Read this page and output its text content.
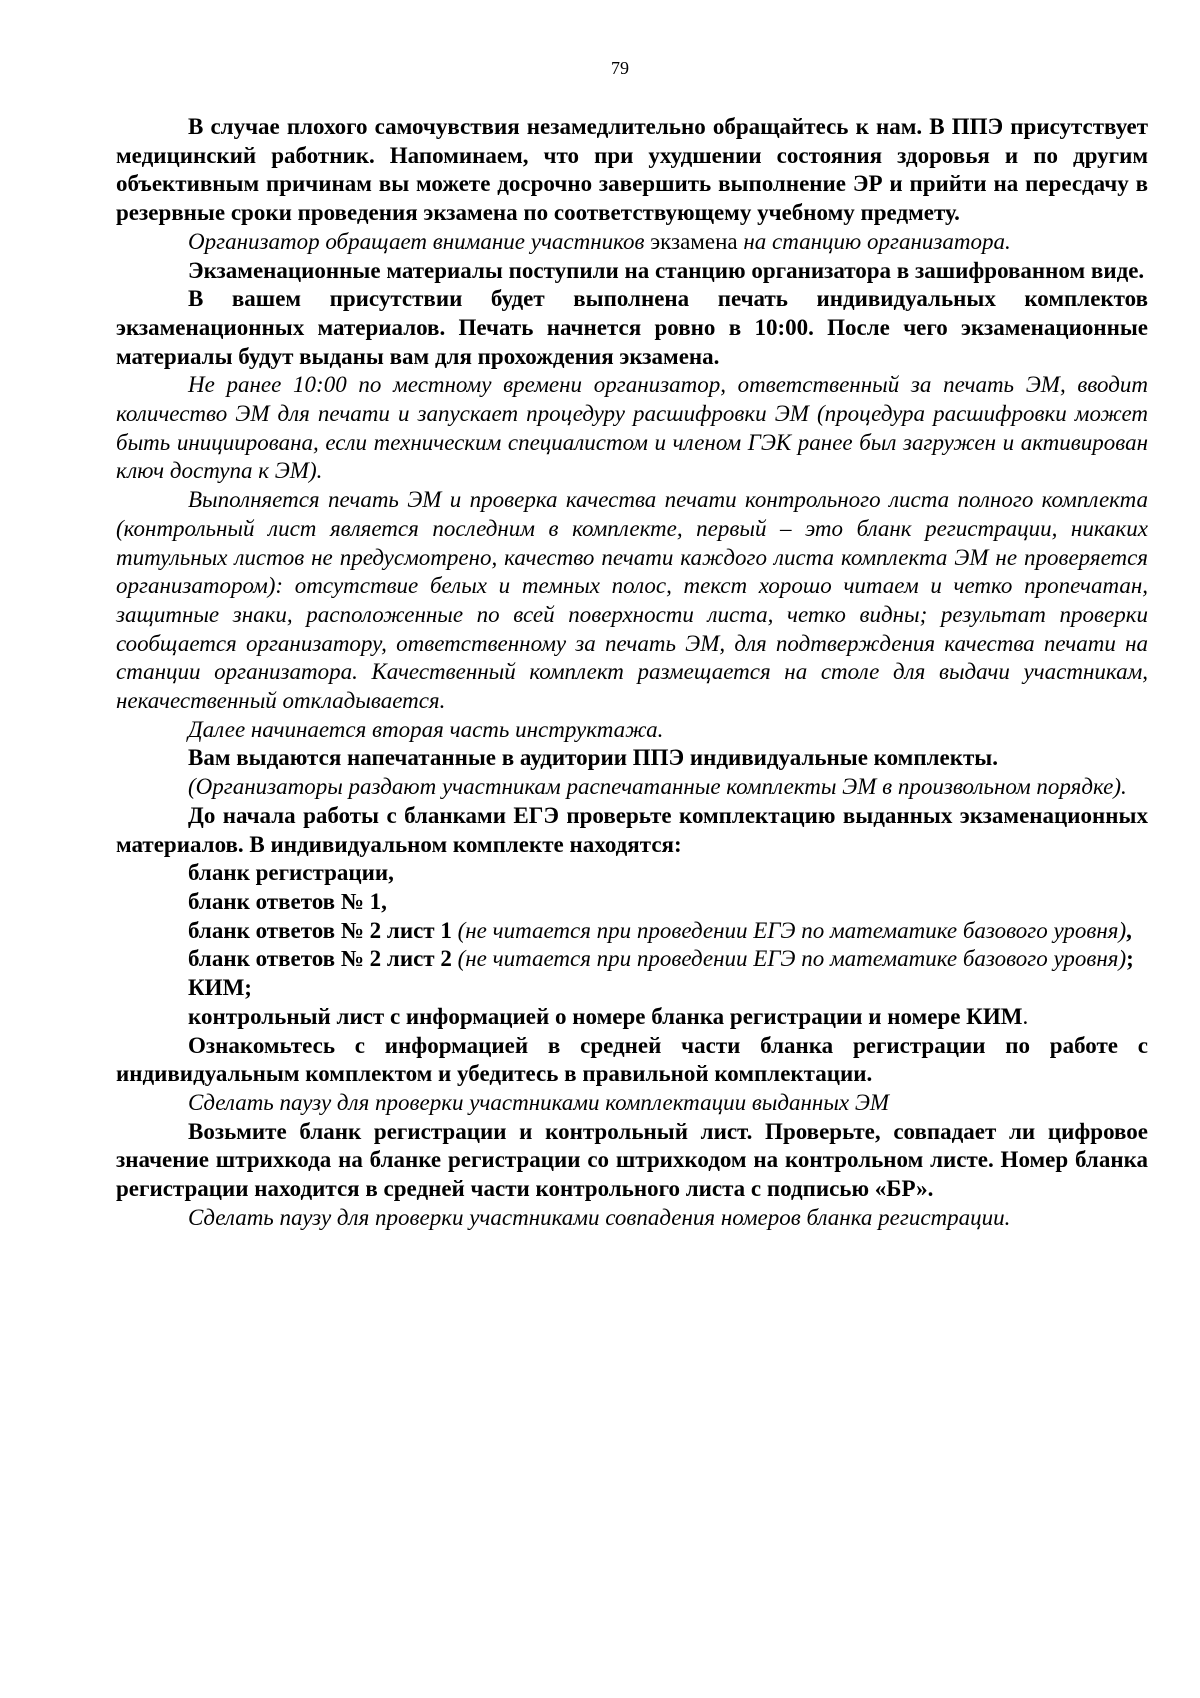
79

В случае плохого самочувствия незамедлительно обращайтесь к нам. В ППЭ присутствует медицинский работник. Напоминаем, что при ухудшении состояния здоровья и по другим объективным причинам вы можете досрочно завершить выполнение ЭР и прийти на пересдачу в резервные сроки проведения экзамена по соответствующему учебному предмету.

Организатор обращает внимание участников экзамена на станцию организатора.

Экзаменационные материалы поступили на станцию организатора в зашифрованном виде.

В вашем присутствии будет выполнена печать индивидуальных комплектов экзаменационных материалов. Печать начнется ровно в 10:00. После чего экзаменационные материалы будут выданы вам для прохождения экзамена.

Не ранее 10:00 по местному времени организатор, ответственный за печать ЭМ, вводит количество ЭМ для печати и запускает процедуру расшифровки ЭМ (процедура расшифровки может быть инициирована, если техническим специалистом и членом ГЭК ранее был загружен и активирован ключ доступа к ЭМ).

Выполняется печать ЭМ и проверка качества печати контрольного листа полного комплекта (контрольный лист является последним в комплекте, первый – это бланк регистрации, никаких титульных листов не предусмотрено, качество печати каждого листа комплекта ЭМ не проверяется организатором): отсутствие белых и темных полос, текст хорошо читаем и четко пропечатан, защитные знаки, расположенные по всей поверхности листа, четко видны; результат проверки сообщается организатору, ответственному за печать ЭМ, для подтверждения качества печати на станции организатора. Качественный комплект размещается на столе для выдачи участникам, некачественный откладывается.

Далее начинается вторая часть инструктажа.

Вам выдаются напечатанные в аудитории ППЭ индивидуальные комплекты.

(Организаторы раздают участникам распечатанные комплекты ЭМ в произвольном порядке).

До начала работы с бланками ЕГЭ проверьте комплектацию выданных экзаменационных материалов. В индивидуальном комплекте находятся:

бланк регистрации,

бланк ответов № 1,

бланк ответов № 2 лист 1 (не читается при проведении ЕГЭ по математике базового уровня),

бланк ответов № 2 лист 2 (не читается при проведении ЕГЭ по математике базового уровня);

КИМ;

контрольный лист с информацией о номере бланка регистрации и номере КИМ.

Ознакомьтесь с информацией в средней части бланка регистрации по работе с индивидуальным комплектом и убедитесь в правильной комплектации.

Сделать паузу для проверки участниками комплектации выданных ЭМ

Возьмите бланк регистрации и контрольный лист. Проверьте, совпадает ли цифровое значение штрихкода на бланке регистрации со штрихкодом на контрольном листе. Номер бланка регистрации находится в средней части контрольного листа с подписью «БР».

Сделать паузу для проверки участниками совпадения номеров бланка регистрации.
